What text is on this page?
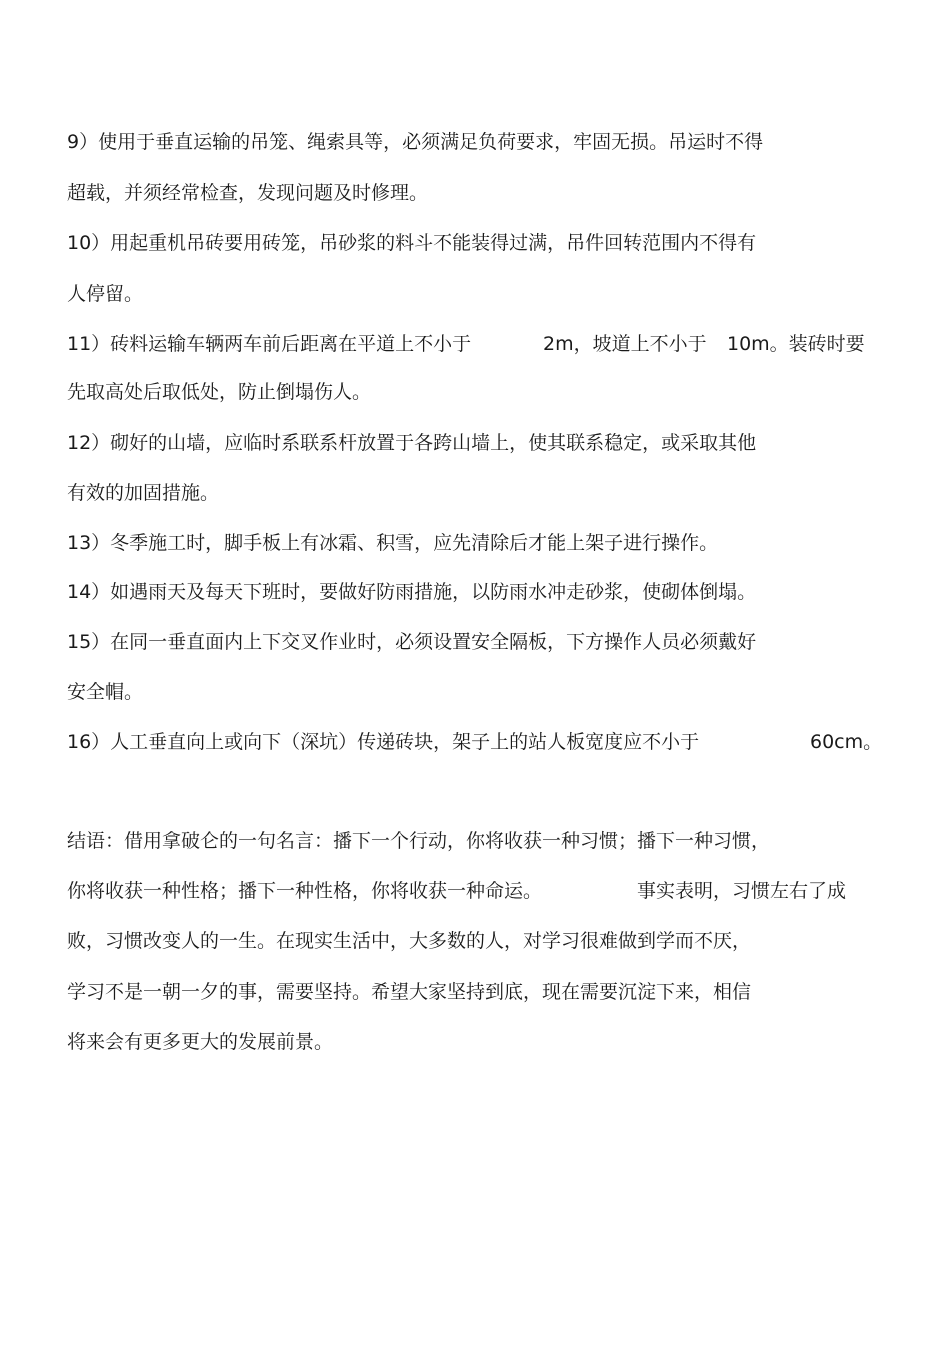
9）使用于垂直运输的吊笼、绳索具等，必须满足负荷要求，牢固无损。吊运时不得
超载，并须经常检查，发现问题及时修理。
10）用起重机吊砖要用砖笼，吊砂浆的料斗不能装得过满，吊件回转范围内不得有
人停留。
11）砖料运输车辆两车前后距离在平道上不小于	2m，坡道上不小于 10m。装砖时要
先取高处后取低处，防止倒塌伤人。
12）砌好的山墙，应临时系联系杆放置于各跨山墙上，使其联系稳定，或采取其他
有效的加固措施。
13）冬季施工时，脚手板上有冰霜、积雪，应先清除后才能上架子进行操作。
14）如遇雨天及每天下班时，要做好防雨措施，以防雨水冲走砂浆，使砌体倒塌。
15）在同一垂直面内上下交叉作业时，必须设置安全隔板，下方操作人员必须戴好
安全帽。
16）人工垂直向上或向下（深坑）传递砖块，架子上的站人板宽度应不小于	60cm。
结语：借用拿破仑的一句名言：播下一个行动，你将收获一种习惯；播下一种习惯，
你将收获一种性格；播下一种性格，你将收获一种命运。	事实表明，习惯左右了成
败，习惯改变人的一生。在现实生活中，大多数的人，对学习很难做到学而不厌，
学习不是一朝一夕的事，需要坚持。希望大家坚持到底，现在需要沉淀下来，相信
将来会有更多更大的发展前景。
